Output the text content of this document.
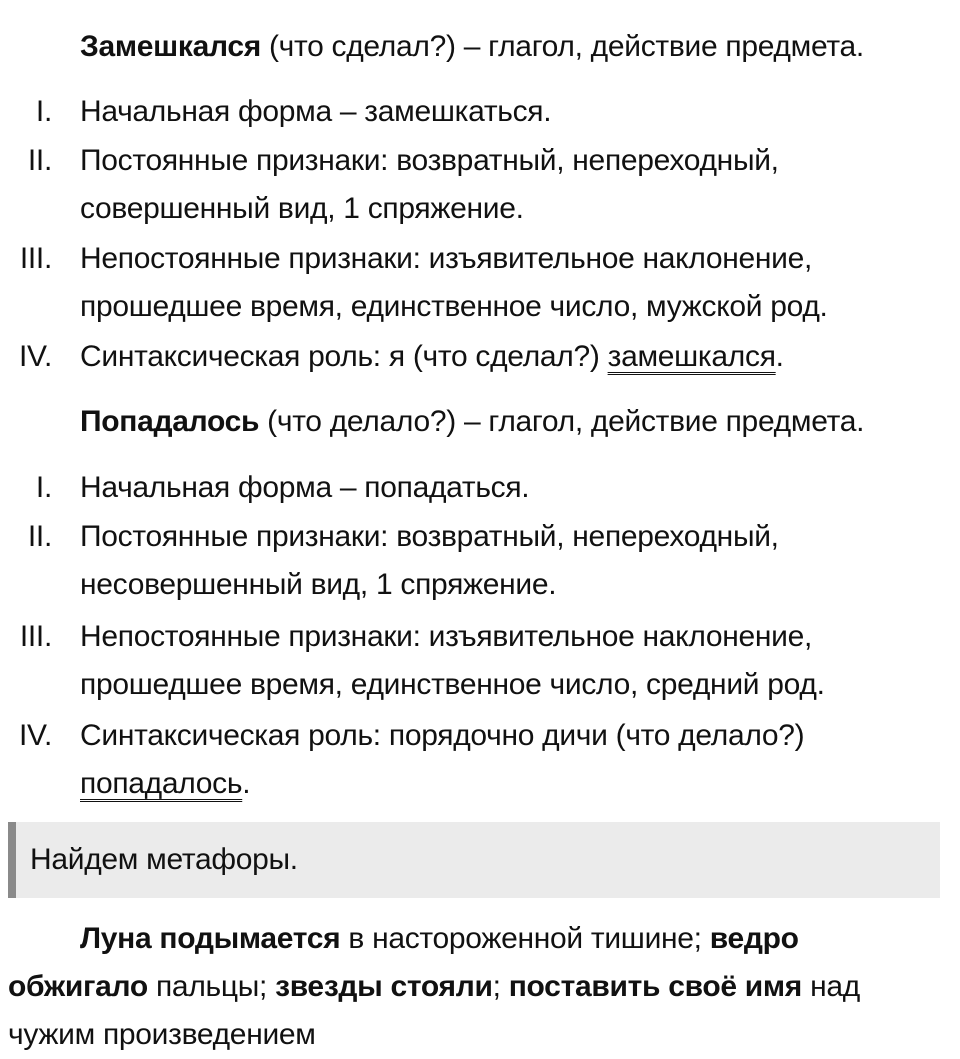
Замешкался (что сделал?) – глагол, действие предмета.
I. Начальная форма – замешкаться.
II. Постоянные признаки: возвратный, непереходный, совершенный вид, 1 спряжение.
III. Непостоянные признаки: изъявительное наклонение, прошедшее время, единственное число, мужской род.
IV. Синтаксическая роль: я (что сделал?) замешкался.
Попадалось (что делало?) – глагол, действие предмета.
I. Начальная форма – попадаться.
II. Постоянные признаки: возвратный, непереходный, несовершенный вид, 1 спряжение.
III. Непостоянные признаки: изъявительное наклонение, прошедшее время, единственное число, средний род.
IV. Синтаксическая роль: порядочно дичи (что делало?) попадалось.
Найдем метафоры.
Луна подымается в настороженной тишине; ведро обжигало пальцы; звезды стояли; поставить своё имя над чужим произведением
